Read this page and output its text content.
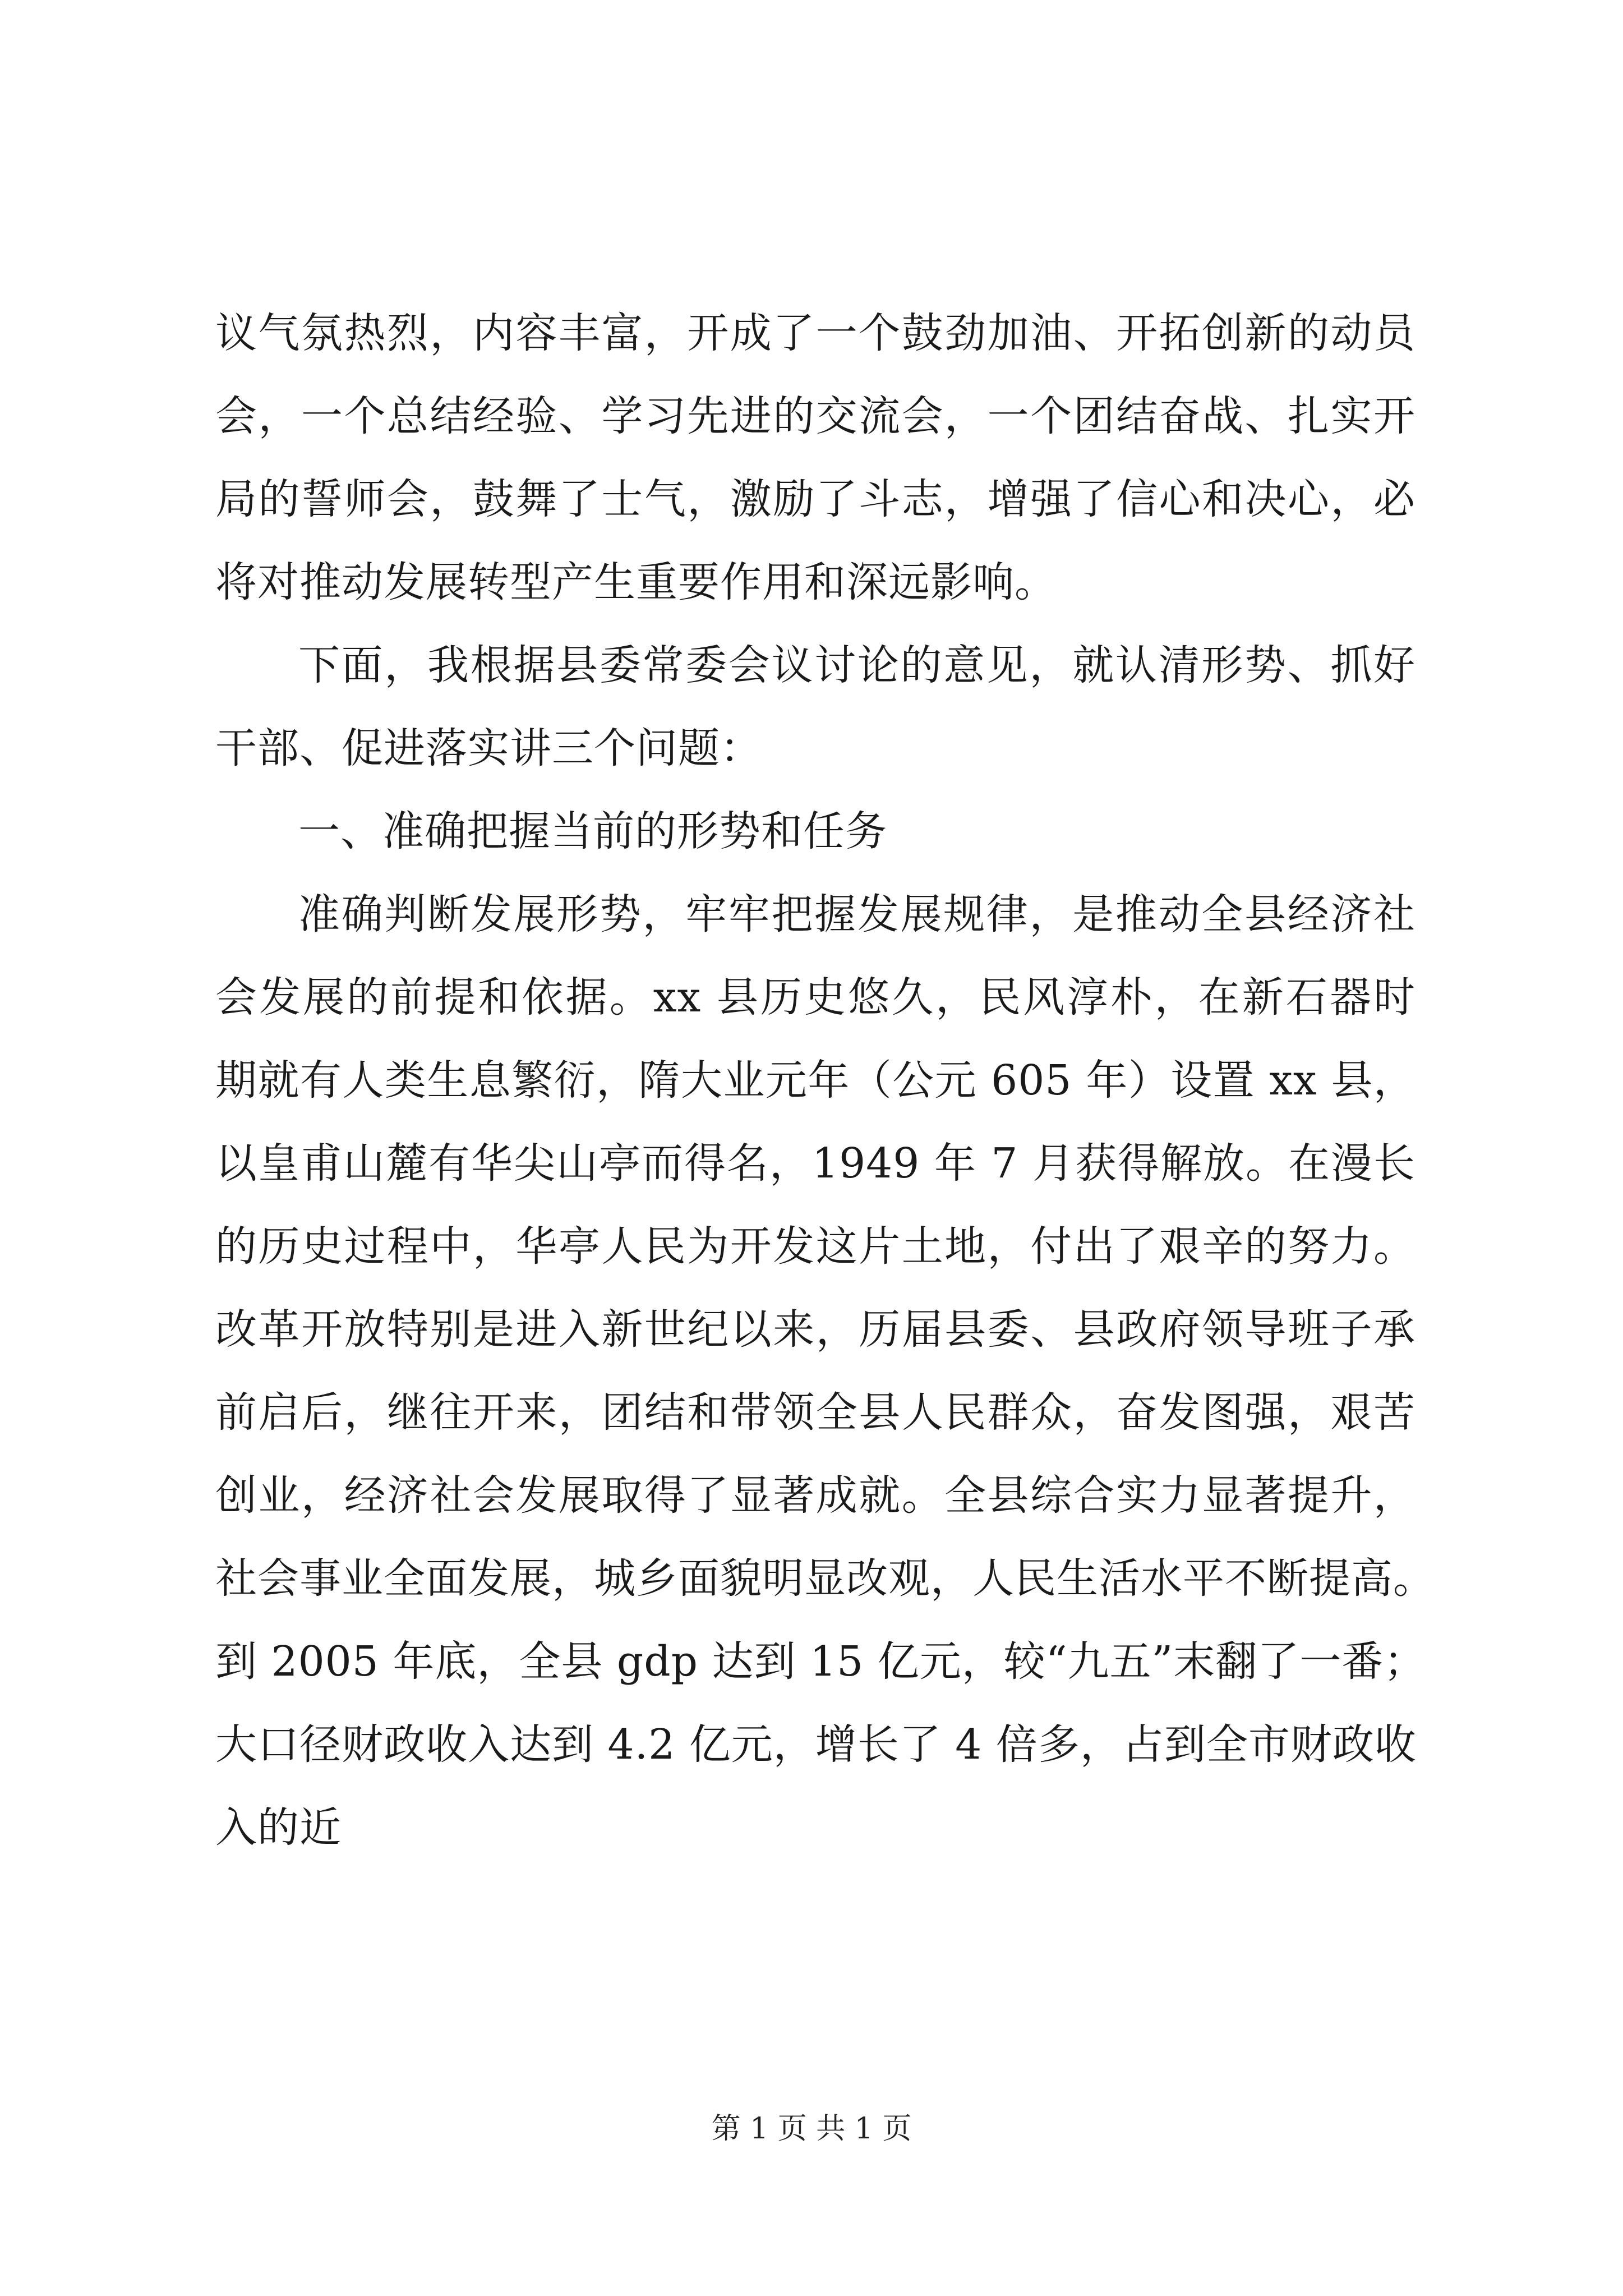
议气氛热烈，内容丰富，开成了一个鼓劲加油、开拓创新的动员
会，一个总结经验、学习先进的交流会，一个团结奋战、扎实开
局的誓师会，鼓舞了士气，激励了斗志，增强了信心和决心，必
将对推动发展转型产生重要作用和深远影响。
下面，我根据县委常委会议讨论的意见，就认清形势、抓好
干部、促进落实讲三个问题：
一、准确把握当前的形势和任务
准确判断发展形势，牢牢把握发展规律，是推动全县经济社
会发展的前提和依据。xx 县历史悠久，民风淳朴，在新石器时
期就有人类生息繁衍，隋大业元年（公元 605 年）设置 xx 县，
以皇甫山麓有华尖山亭而得名，1949 年 7 月获得解放。在漫长
的历史过程中，华亭人民为开发这片土地，付出了艰辛的努力。
改革开放特别是进入新世纪以来，历届县委、县政府领导班子承
前启后，继往开来，团结和带领全县人民群众，奋发图强，艰苦
创业，经济社会发展取得了显著成就。全县综合实力显著提升，
社会事业全面发展，城乡面貌明显改观，人民生活水平不断提高。
到 2005 年底，全县 gdp 达到 15 亿元，较“九五”末翻了一番；
大口径财政收入达到 4.2 亿元，增长了 4 倍多，占到全市财政收
入的近
第 1 页 共 1 页
